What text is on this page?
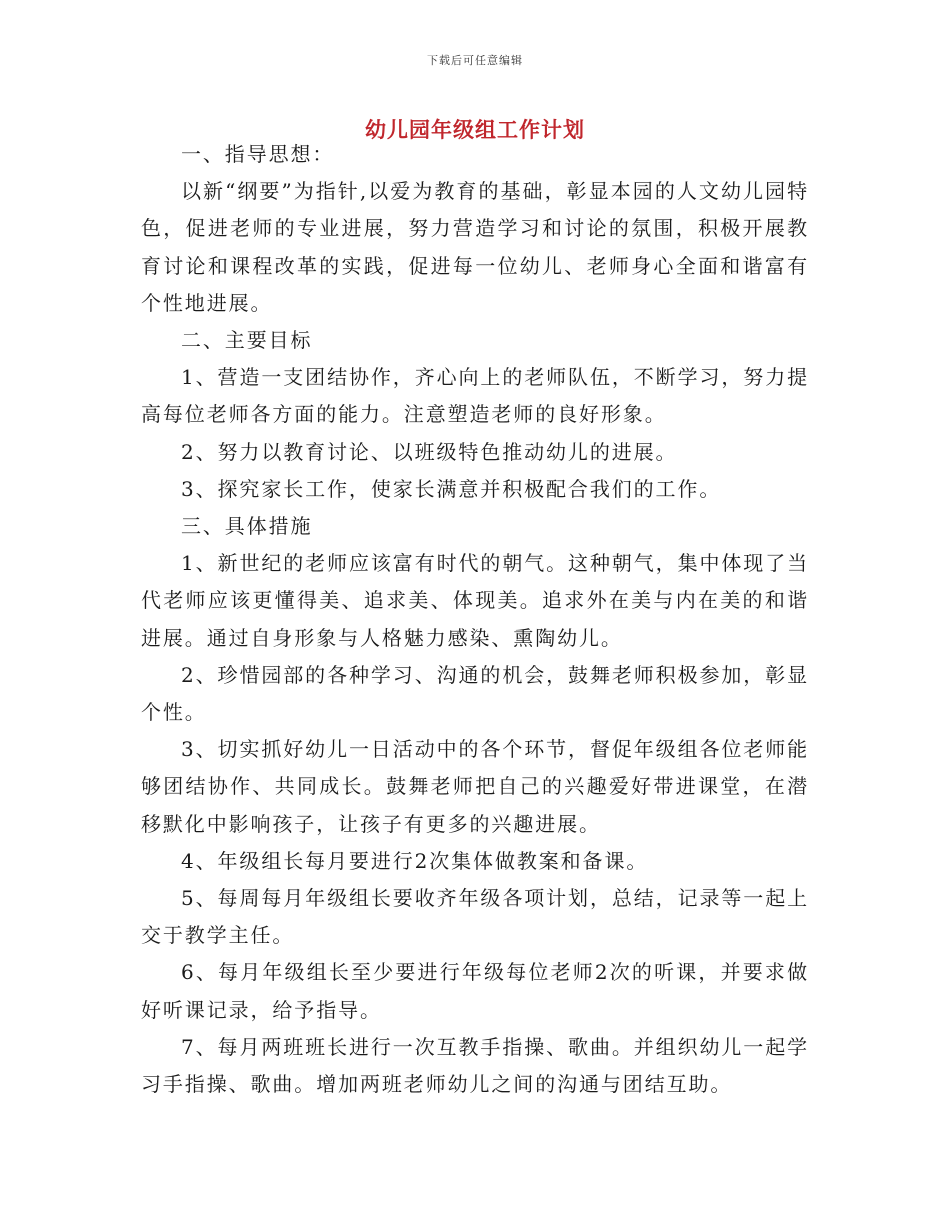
下载后可任意编辑
幼儿园年级组工作计划

一、指导思想：

以新“纲要”为指针,以爱为教育的基础，彰显本园的人文幼儿园特色，促进老师的专业进展，努力营造学习和讨论的氛围，积极开展教育讨论和课程改革的实践，促进每一位幼儿、老师身心全面和谐富有个性地进展。

二、主要目标

1、营造一支团结协作，齐心向上的老师队伍，不断学习，努力提高每位老师各方面的能力。注意塑造老师的良好形象。

2、努力以教育讨论、以班级特色推动幼儿的进展。

3、探究家长工作，使家长满意并积极配合我们的工作。

三、具体措施

1、新世纪的老师应该富有时代的朝气。这种朝气，集中体现了当代老师应该更懂得美、追求美、体现美。追求外在美与内在美的和谐进展。通过自身形象与人格魅力感染、熏陶幼儿。

2、珍惜园部的各种学习、沟通的机会，鼓舞老师积极参加，彰显个性。

3、切实抓好幼儿一日活动中的各个环节，督促年级组各位老师能够团结协作、共同成长。鼓舞老师把自己的兴趣爱好带进课堂，在潜移默化中影响孩子，让孩子有更多的兴趣进展。

4、年级组长每月要进行2次集体做教案和备课。

5、每周每月年级组长要收齐年级各项计划，总结，记录等一起上交于教学主任。

6、每月年级组长至少要进行年级每位老师2次的听课，并要求做好听课记录，给予指导。

7、每月两班班长进行一次互教手指操、歌曲。并组织幼儿一起学习手指操、歌曲。增加两班老师幼儿之间的沟通与团结互助。
